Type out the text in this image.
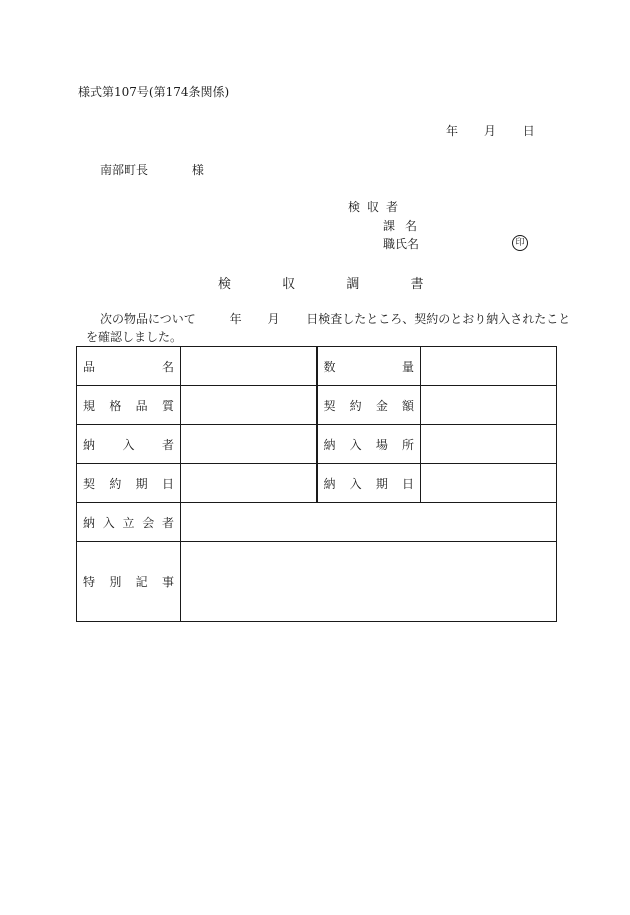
様式第107号(第174条関係)
年 月 日
南部町長	様
検収者
課名
職氏名	印
検	収	調	書
次の物品について	年 月 日検査したところ、契約のとおり納入されたこと
を確認しました。
品名		数量	
規格品質		契約金額	
納入者		納入場所	
契約期日		納入期日	
納入立会者			
特別記事			
